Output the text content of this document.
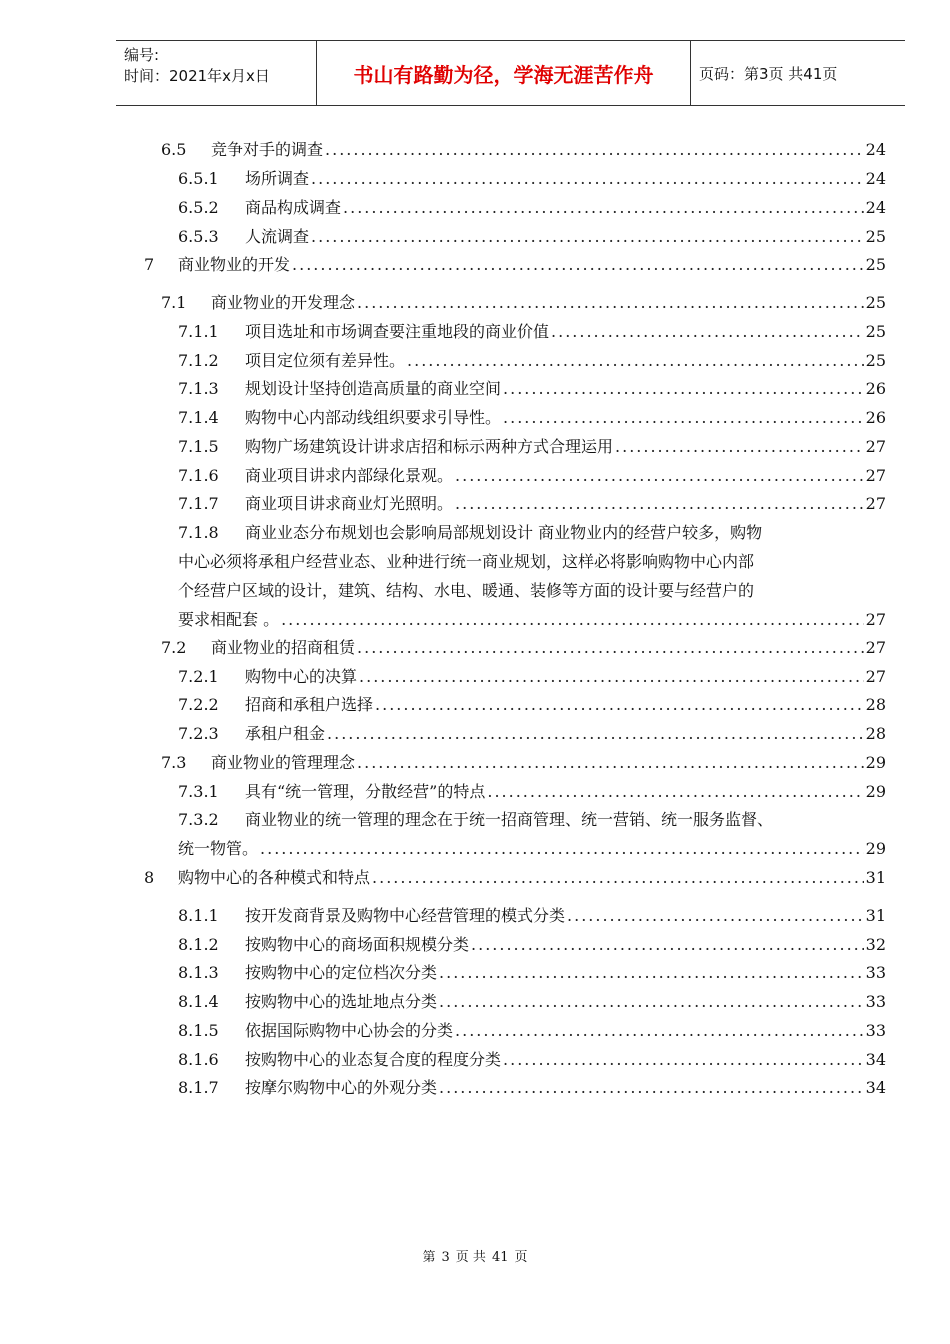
编号:
时间：2021年x月x日	书山有路勤为径，学海无涯苦作舟	页码：第3页 共41页
6.5	竞争对手的调查 .....	24
6.5.1	场所调查 .....	24
6.5.2	商品构成调查 .....	24
6.5.3	人流调查 .....	25
7	商业物业的开发 .....	25
7.1	商业物业的开发理念 .....	25
7.1.1	项目选址和市场调查要注重地段的商业价值 .....	25
7.1.2	项目定位须有差异性。 .....	25
7.1.3	规划设计坚持创造高质量的商业空间 .....	26
7.1.4	购物中心内部动线组织要求引导性。 .....	26
7.1.5	购物广场建筑设计讲求店招和标示两种方式合理运用 .....	27
7.1.6	商业项目讲求内部绿化景观。 .....	27
7.1.7	商业项目讲求商业灯光照明。 .....	27
7.1.8 商业业态分布规划也会影响局部规划设计 商业物业内的经营户较多，购物
中心必须将承租户经营业态、业种进行统一商业规划，这样必将影响购物中心内部
个经营户区域的设计，建筑、结构、水电、暖通、装修等方面的设计要与经营户的
要求相配套 。 .....	27
7.2	商业物业的招商租赁 .....	27
7.2.1	购物中心的决算 .....	27
7.2.2	招商和承租户选择 .....	28
7.2.3	承租户租金 .....	28
7.3	商业物业的管理理念 .....	29
7.3.1	具有“统一管理，分散经营”的特点 .....	29
7.3.2 商业物业的统一管理的理念在于统一招商管理、统一营销、统一服务监督、
统一物管。 .....	29
8	购物中心的各种模式和特点 .....	31
8.1.1	按开发商背景及购物中心经营管理的模式分类 .....	31
8.1.2	按购物中心的商场面积规模分类 .....	32
8.1.3	按购物中心的定位档次分类 .....	33
8.1.4	按购物中心的选址地点分类 .....	33
8.1.5	依据国际购物中心协会的分类 .....	33
8.1.6	按购物中心的业态复合度的程度分类 .....	34
8.1.7	按摩尔购物中心的外观分类 .....	34
第 3 页 共 41 页
